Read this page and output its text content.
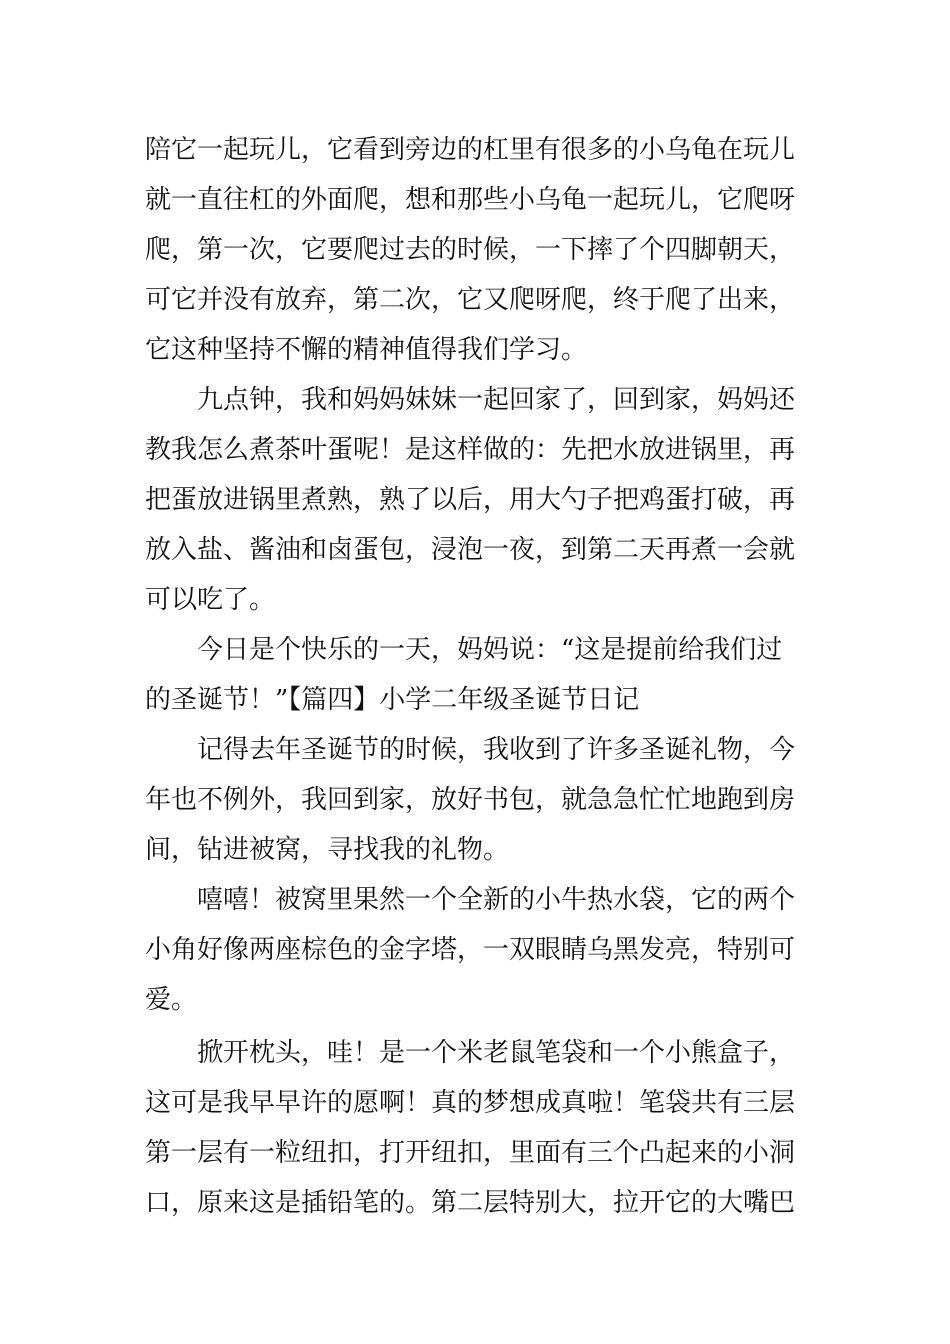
陪它一起玩儿，它看到旁边的杠里有很多的小乌龟在玩儿
就一直往杠的外面爬，想和那些小乌龟一起玩儿，它爬呀
爬，第一次，它要爬过去的时候，一下摔了个四脚朝天，
可它并没有放弃，第二次，它又爬呀爬，终于爬了出来，
它这种坚持不懈的精神值得我们学习。
九点钟，我和妈妈妹妹一起回家了，回到家，妈妈还
教我怎么煮茶叶蛋呢！是这样做的：先把水放进锅里，再
把蛋放进锅里煮熟，熟了以后，用大勺子把鸡蛋打破，再
放入盐、酱油和卤蛋包，浸泡一夜，到第二天再煮一会就
可以吃了。
今日是个快乐的一天，妈妈说：“这是提前给我们过
的圣诞节！”【篇四】小学二年级圣诞节日记
记得去年圣诞节的时候，我收到了许多圣诞礼物，今
年也不例外，我回到家，放好书包，就急急忙忙地跑到房
间，钻进被窝，寻找我的礼物。
嘻嘻！被窝里果然一个全新的小牛热水袋，它的两个
小角好像两座棕色的金字塔，一双眼睛乌黑发亮，特别可
爱。
掀开枕头，哇！是一个米老鼠笔袋和一个小熊盒子，
这可是我早早许的愿啊！真的梦想成真啦！笔袋共有三层
第一层有一粒纽扣，打开纽扣，里面有三个凸起来的小洞
口，原来这是插铅笔的。第二层特别大，拉开它的大嘴巴
